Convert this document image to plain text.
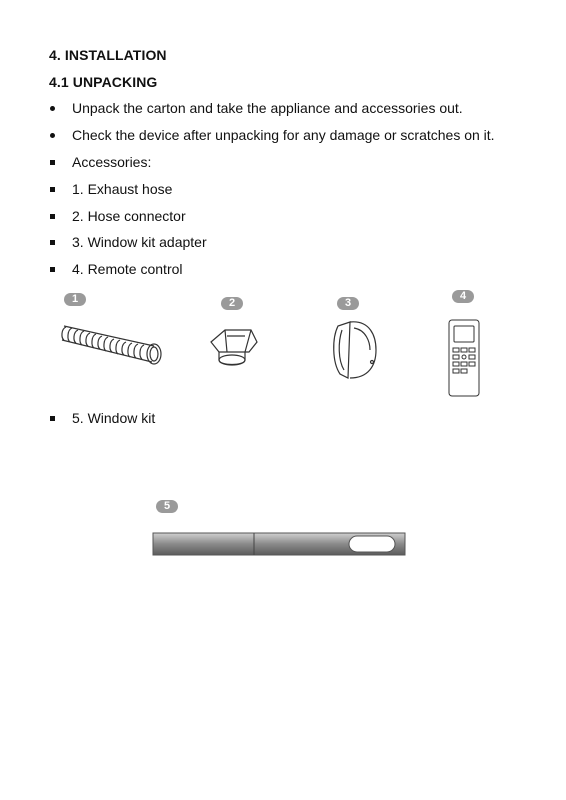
4. INSTALLATION
4.1 UNPACKING
Unpack the carton and take the appliance and accessories out.
Check the device after unpacking for any damage or scratches on it.
Accessories:
1. Exhaust hose
2. Hose connector
3. Window kit adapter
4. Remote control
1	2	3
4
5. Window kit
5
